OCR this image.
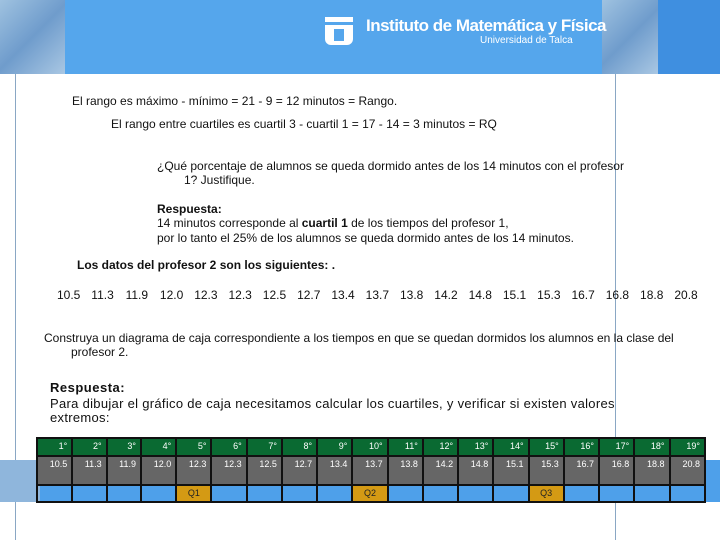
Instituto de Matemática y Física
Universidad de Talca
El rango es máximo - mínimo = 21 - 9 = 12 minutos = Rango.
El rango entre cuartiles es cuartil 3 - cuartil 1 = 17 - 14 = 3 minutos = RQ
¿Qué porcentaje de alumnos se queda dormido antes de los 14 minutos con el profesor
1? Justifique.
Respuesta:
14 minutos corresponde al cuartil 1 de los tiempos del profesor 1,
por lo tanto el 25% de los alumnos se queda dormido antes de los 14 minutos.
Los datos del profesor 2 son los siguientes: .
10.5 11.3 11.9 12.0 12.3 12.3 12.5 12.7 13.4 13.7 13.8 14.2 14.8 15.1 15.3 16.7 16.8 18.8 20.8
Construya un diagrama de caja correspondiente a los tiempos en que se quedan dormidos los alumnos en la clase del
profesor 2.
Respuesta:
Para dibujar el gráfico de caja necesitamos calcular los cuartiles, y verificar si existen valores
extremos:
1°	2°	3°	4°	5°	6°	7°	8°	9°	10°	11°	12°	13°	14°	15°	16°	17°	18°	19°
10.5	11.3	11.9	12.0	12.3	12.3	12.5	12.7	13.4	13.7	13.8	14.2	14.8	15.1	15.3	16.7	16.8	18.8	20.8
				Q1					Q2					Q3				
